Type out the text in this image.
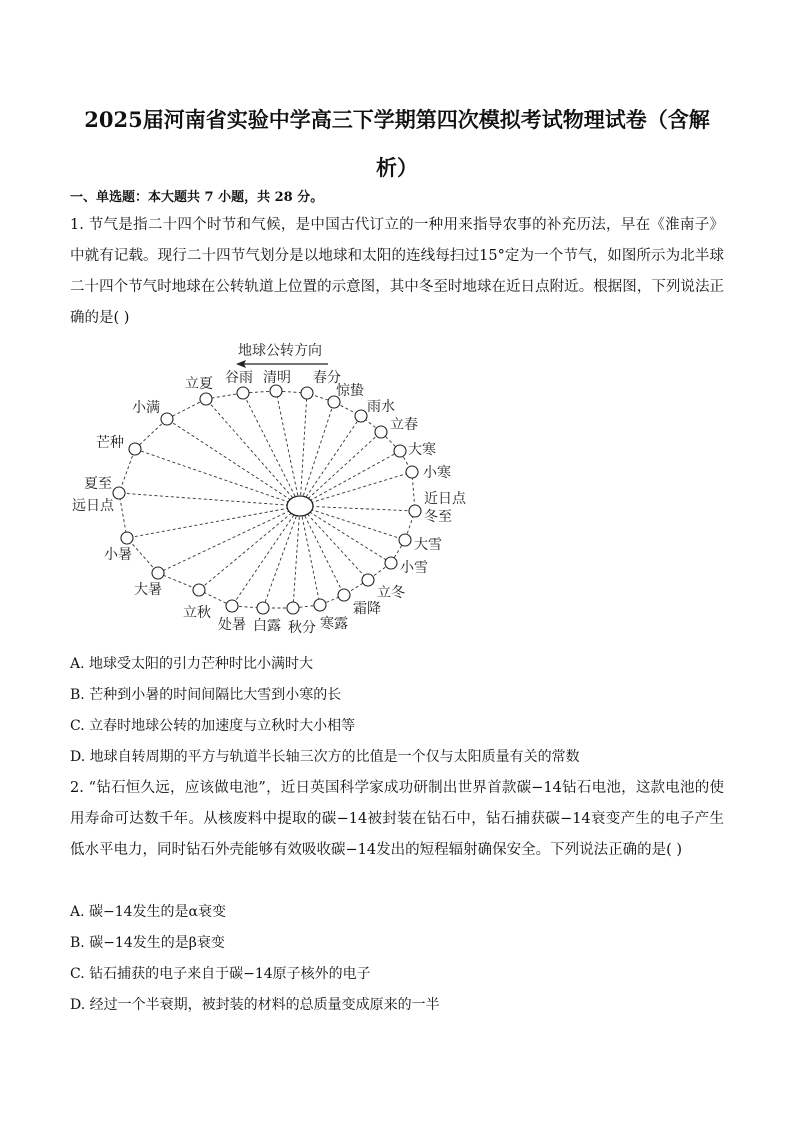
2025届河南省实验中学高三下学期第四次模拟考试物理试卷（含解析）
一、单选题：本大题共 7 小题，共 28 分。
1. 节气是指二十四个时节和气候，是中国古代订立的一种用来指导农事的补充历法，早在《淮南子》中就有记载。现行二十四节气划分是以地球和太阳的连线每扫过15°定为一个节气，如图所示为北半球二十四个节气时地球在公转轨道上位置的示意图，其中冬至时地球在近日点附近。根据图，下列说法正确的是( )
立夏 谷雨 清明 春分
惊蛰
雨水
立春
大寒
小寒
冬至
大雪
小雪
立冬
霜降
寒露
秋分
白露
处暑
立秋
大暑
小暑
夏至
芒种
小满
地球公转方向
远日点	近日点
A. 地球受太阳的引力芒种时比小满时大
B. 芒种到小暑的时间间隔比大雪到小寒的长
C. 立春时地球公转的加速度与立秋时大小相等
D. 地球自转周期的平方与轨道半长轴三次方的比值是一个仅与太阳质量有关的常数
2. “钻石恒久远，应该做电池”，近日英国科学家成功研制出世界首款碳−14钻石电池，这款电池的使用寿命可达数千年。从核废料中提取的碳−14被封装在钻石中，钻石捕获碳−14衰变产生的电子产生低水平电力，同时钻石外壳能够有效吸收碳−14发出的短程辐射确保安全。下列说法正确的是( )
A. 碳−14发生的是α衰变
B. 碳−14发生的是β衰变
C. 钻石捕获的电子来自于碳−14原子核外的电子
D. 经过一个半衰期，被封装的材料的总质量变成原来的一半
